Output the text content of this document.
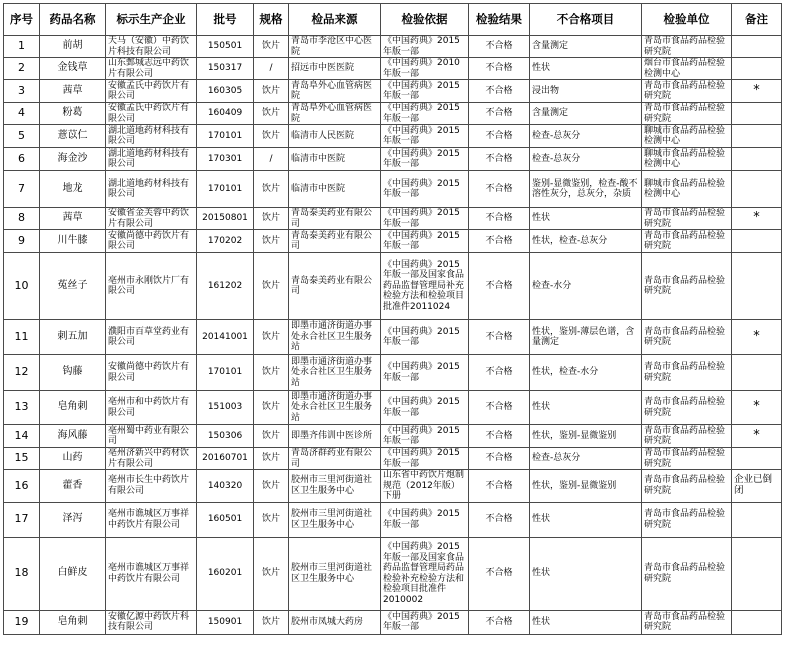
序号	药品名称	标示生产企业	批号	规格	检品来源	检验依据	检验结果	不合格项目	检验单位	备注
1	前胡	天马（安徽）中药饮片科技有限公司	150501	饮片	青岛市李沧区中心医院	《中国药典》2015年版一部	不合格	含量测定	青岛市食品药品检验研究院	
2	金钱草	山东鄄城志远中药饮片有限公司	150317	/	招远市中医医院	《中国药典》2010年版一部	不合格	性状	烟台市食品药品检验检测中心	
3	茜草	安徽孟氏中药饮片有限公司	160305	饮片	青岛阜外心血管病医院	《中国药典》2015年版一部	不合格	浸出物	青岛市食品药品检验研究院	*
4	粉葛	安徽孟氏中药饮片有限公司	160409	饮片	青岛阜外心血管病医院	《中国药典》2015年版一部	不合格	含量测定	青岛市食品药品检验研究院	
5	薏苡仁	湖北道地药材科技有限公司	170101	饮片	临清市人民医院	《中国药典》2015年版一部	不合格	检查-总灰分	聊城市食品药品检验检测中心	
6	海金沙	湖北道地药材科技有限公司	170301	/	临清市中医院	《中国药典》2015年版一部	不合格	检查-总灰分	聊城市食品药品检验检测中心	
7	地龙	湖北道地药材科技有限公司	170101	饮片	临清市中医院	《中国药典》2015年版一部	不合格	鉴别-显微鉴别，检查-酸不溶性灰分，总灰分，杂质	聊城市食品药品检验检测中心	
8	茜草	安徽省金芙蓉中药饮片有限公司	20150801	饮片	青岛泰美药业有限公司	《中国药典》2015年版一部	不合格	性状	青岛市食品药品检验研究院	*
9	川牛膝	安徽尚德中药饮片有限公司	170202	饮片	青岛泰美药业有限公司	《中国药典》2015年版一部	不合格	性状，检查-总灰分	青岛市食品药品检验研究院	
10	菟丝子	亳州市永刚饮片厂有限公司	161202	饮片	青岛泰美药业有限公司	《中国药典》2015年版一部及国家食品药品监督管理局补充检验方法和检验项目批准件2011024	不合格	检查-水分	青岛市食品药品检验研究院	
11	刺五加	濮阳市百草堂药业有限公司	20141001	饮片	即墨市通济街道办事处永合社区卫生服务站	《中国药典》2015年版一部	不合格	性状，鉴别-薄层色谱，含量测定	青岛市食品药品检验研究院	*
12	钩藤	安徽尚德中药饮片有限公司	170101	饮片	即墨市通济街道办事处永合社区卫生服务站	《中国药典》2015年版一部	不合格	性状，检查-水分	青岛市食品药品检验研究院	
13	皂角刺	亳州市和中药饮片有限公司	151003	饮片	即墨市通济街道办事处永合社区卫生服务站	《中国药典》2015年版一部	不合格	性状	青岛市食品药品检验研究院	*
14	海风藤	亳州蜀中药业有限公司	150306	饮片	即墨齐伟训中医诊所	《中国药典》2015年版一部	不合格	性状，鉴别-显微鉴别	青岛市食品药品检验研究院	*
15	山药	亳州济新兴中药材饮片有限公司	20160701	饮片	青岛济群药业有限公司	《中国药典》2015年版一部	不合格	检查-总灰分	青岛市食品药品检验研究院	
16	藿香	亳州市长生中药饮片有限公司	140320	饮片	胶州市三里河街道社区卫生服务中心	山东省中药饮片炮制规范（2012年版）下册	不合格	性状，鉴别-显微鉴别	青岛市食品药品检验研究院	企业已倒闭
17	泽泻	亳州市谯城区万事祥中药饮片有限公司	160501	饮片	胶州市三里河街道社区卫生服务中心	《中国药典》2015年版一部	不合格	性状	青岛市食品药品检验研究院	
18	白鲜皮	亳州市谯城区万事祥中药饮片有限公司	160201	饮片	胶州市三里河街道社区卫生服务中心	《中国药典》2015年版一部及国家食品药品监督管理局药品检验补充检验方法和检验项目批准件2010002	不合格	性状	青岛市食品药品检验研究院	
19	皂角刺	安徽亿源中药饮片科技有限公司	150901	饮片	胶州市凤城大药房	《中国药典》2015年版一部	不合格	性状	青岛市食品药品检验研究院	
